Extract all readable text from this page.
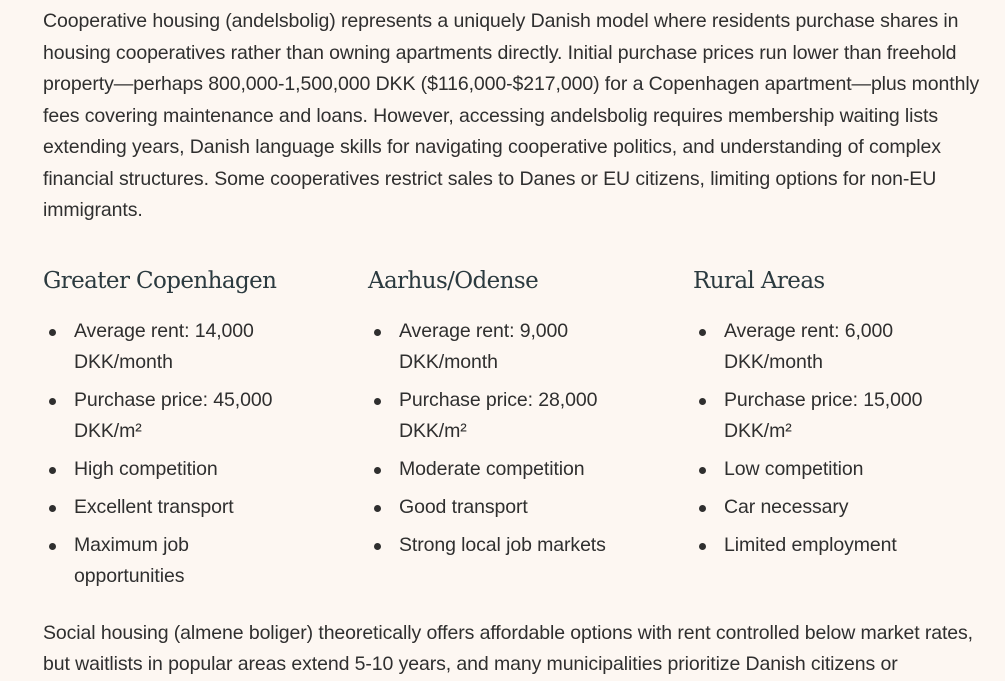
Cooperative housing (andelsbolig) represents a uniquely Danish model where residents purchase shares in housing cooperatives rather than owning apartments directly. Initial purchase prices run lower than freehold property—perhaps 800,000-1,500,000 DKK ($116,000-$217,000) for a Copenhagen apartment—plus monthly fees covering maintenance and loans. However, accessing andelsbolig requires membership waiting lists extending years, Danish language skills for navigating cooperative politics, and understanding of complex financial structures. Some cooperatives restrict sales to Danes or EU citizens, limiting options for non-EU immigrants.

Greater Copenhagen
Average rent: 14,000 DKK/month
Purchase price: 45,000 DKK/m²
High competition
Excellent transport
Maximum job opportunities
Aarhus/Odense
Average rent: 9,000 DKK/month
Purchase price: 28,000 DKK/m²
Moderate competition
Good transport
Strong local job markets
Rural Areas
Average rent: 6,000 DKK/month
Purchase price: 15,000 DKK/m²
Low competition
Car necessary
Limited employment

Social housing (almene boliger) theoretically offers affordable options with rent controlled below market rates, but waitlists in popular areas extend 5-10 years, and many municipalities prioritize Danish citizens or
